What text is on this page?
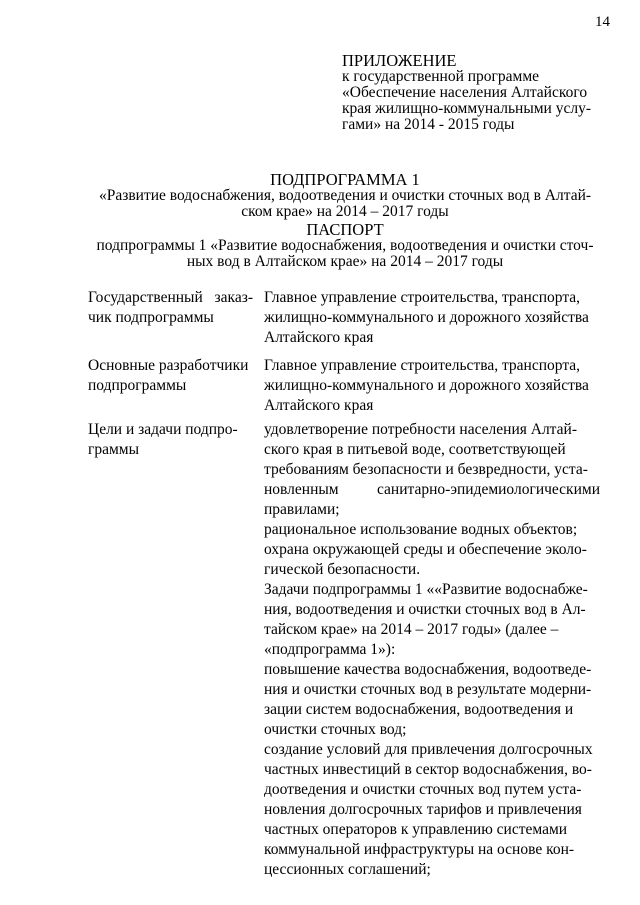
14
ПРИЛОЖЕНИЕ
к государственной программе
«Обеспечение населения Алтайского
края жилищно-коммунальными услу-
гами» на 2014 - 2015 годы
ПОДПРОГРАММА 1
«Развитие водоснабжения, водоотведения и очистки сточных вод в Алтай-
ском крае» на 2014 – 2017 годы
ПАСПОРТ
подпрограммы 1 «Развитие водоснабжения, водоотведения и очистки сточ-
ных вод в Алтайском крае» на 2014 – 2017 годы
Государственный заказ-
чик подпрограммы

Главное управление строительства, транспорта,

жилищно-коммунального и дорожного хозяйства

Алтайского края

Основные разработчики
подпрограммы

Главное управление строительства, транспорта,

жилищно-коммунального и дорожного хозяйства

Алтайского края

Цели и задачи подпро-
граммы

удовлетворение потребности населения Алтай-

ского края в питьевой воде, соответствующей

требованиям безопасности и безвредности, уста-

новленным санитарно-эпидемиологическими

правилами;

рациональное использование водных объектов;

охрана окружающей среды и обеспечение эколо-

гической безопасности.

Задачи подпрограммы 1 ««Развитие водоснабже-

ния, водоотведения и очистки сточных вод в Ал-

тайском крае» на 2014 – 2017 годы» (далее –

«подпрограмма 1»):

повышение качества водоснабжения, водоотведе-

ния и очистки сточных вод в результате модерни-

зации систем водоснабжения, водоотведения и

очистки сточных вод;

создание условий для привлечения долгосрочных

частных инвестиций в сектор водоснабжения, во-

доотведения и очистки сточных вод путем уста-

новления долгосрочных тарифов и привлечения

частных операторов к управлению системами

коммунальной инфраструктуры на основе кон-

цессионных соглашений;
